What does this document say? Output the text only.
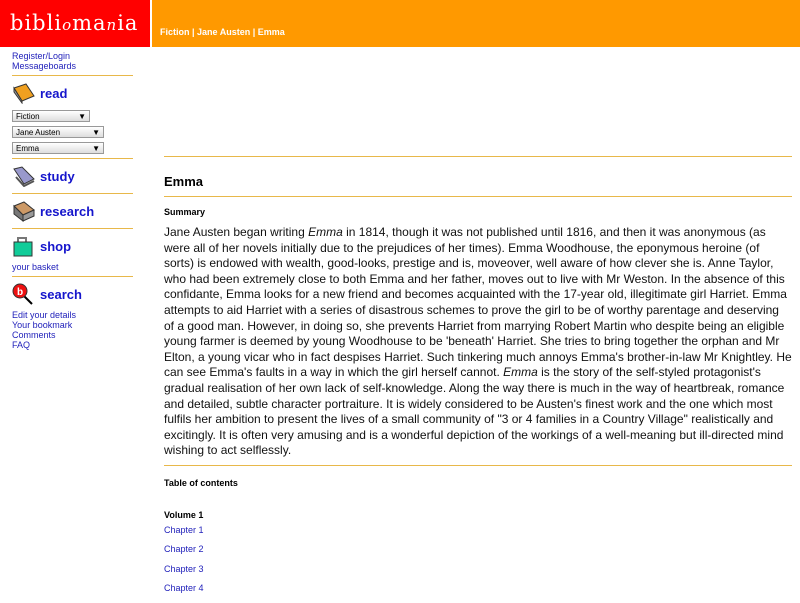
bibliomania	Fiction | Jane Austen | Emma
Register/Login
Messageboards
read
Fiction	▼
Jane Austen	▼
Emma	▼
study
research
shop
your basket
b search
Edit your details
Your bookmark
Comments
FAQ
Emma
Summary

Jane Austen began writing Emma in 1814, though it was not published until 1816, and then it was anonymous (as were all of her novels initially due to the prejudices of her times). Emma Woodhouse, the eponymous heroine (of sorts) is endowed with wealth, good-looks, prestige and is, moveover, well aware of how clever she is. Anne Taylor, who had been extremely close to both Emma and her father, moves out to live with Mr Weston. In the absence of this confidante, Emma looks for a new friend and becomes acquainted with the 17-year old, illegitimate girl Harriet. Emma attempts to aid Harriet with a series of disastrous schemes to prove the girl to be of worthy parentage and deserving of a good man. However, in doing so, she prevents Harriet from marrying Robert Martin who despite being an eligible young farmer is deemed by young Woodhouse to be 'beneath' Harriet. She tries to bring together the orphan and Mr Elton, a young vicar who in fact despises Harriet. Such tinkering much annoys Emma's brother-in-law Mr Knightley. He can see Emma's faults in a way in which the girl herself cannot. Emma is the story of the self-styled protagonist's gradual realisation of her own lack of self-knowledge. Along the way there is much in the way of heartbreak, romance and detailed, subtle character portraiture. It is widely considered to be Austen's finest work and the one which most fulfils her ambition to present the lives of a small community of "3 or 4 families in a Country Village" realistically and excitingly. It is often very amusing and is a wonderful depiction of the workings of a well-meaning but ill-directed mind wishing to act selflessly.

Table of contents
Volume 1
Chapter 1
Chapter 2
Chapter 3
Chapter 4
